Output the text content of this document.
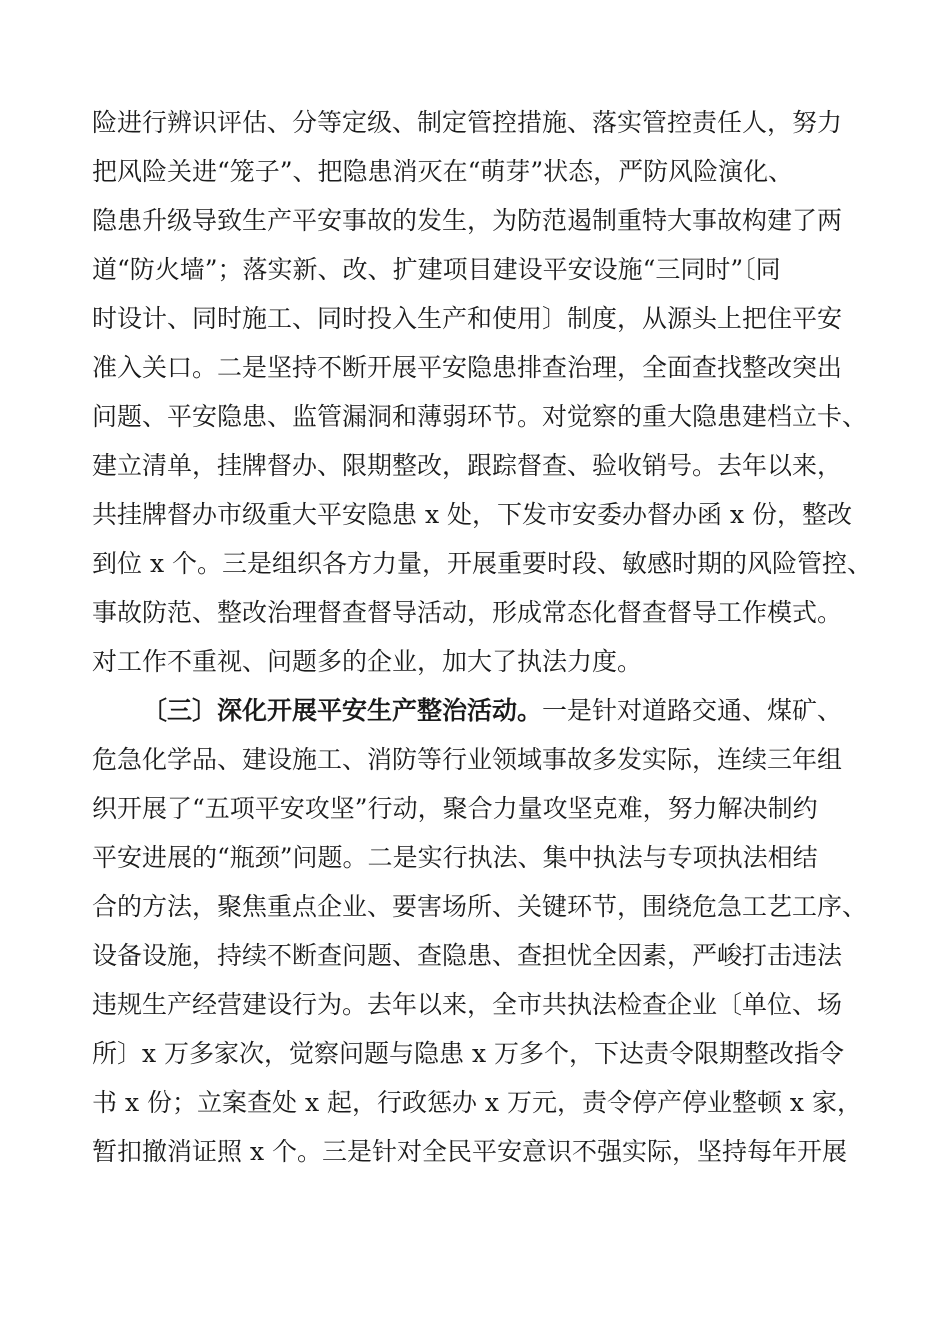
险进行辨识评估、分等定级、制定管控措施、落实管控责任人，努力
把风险关进“笼子”、把隐患消灭在“萌芽”状态，严防风险演化、
隐患升级导致生产平安事故的发生，为防范遏制重特大事故构建了两
道“防火墙”；落实新、改、扩建项目建设平安设施“三同时”〔同
时设计、同时施工、同时投入生产和使用〕制度，从源头上把住平安
准入关口。二是坚持不断开展平安隐患排查治理，全面查找整改突出
问题、平安隐患、监管漏洞和薄弱环节。对觉察的重大隐患建档立卡、
建立清单，挂牌督办、限期整改，跟踪督查、验收销号。去年以来，
共挂牌督办市级重大平安隐患 x 处，下发市安委办督办函 x 份，整改
到位 x 个。三是组织各方力量，开展重要时段、敏感时期的风险管控、
事故防范、整改治理督查督导活动，形成常态化督查督导工作模式。
对工作不重视、问题多的企业，加大了执法力度。
〔三〕深化开展平安生产整治活动。一是针对道路交通、煤矿、
危急化学品、建设施工、消防等行业领域事故多发实际，连续三年组
织开展了“五项平安攻坚”行动，聚合力量攻坚克难，努力解决制约
平安进展的“瓶颈”问题。二是实行执法、集中执法与专项执法相结
合的方法，聚焦重点企业、要害场所、关键环节，围绕危急工艺工序、
设备设施，持续不断查问题、查隐患、查担忧全因素，严峻打击违法
违规生产经营建设行为。去年以来，全市共执法检查企业〔单位、场
所〕x 万多家次，觉察问题与隐患 x 万多个，下达责令限期整改指令
书 x 份；立案查处 x 起，行政惩办 x 万元，责令停产停业整顿 x 家，
暂扣撤消证照 x 个。三是针对全民平安意识不强实际，坚持每年开展
